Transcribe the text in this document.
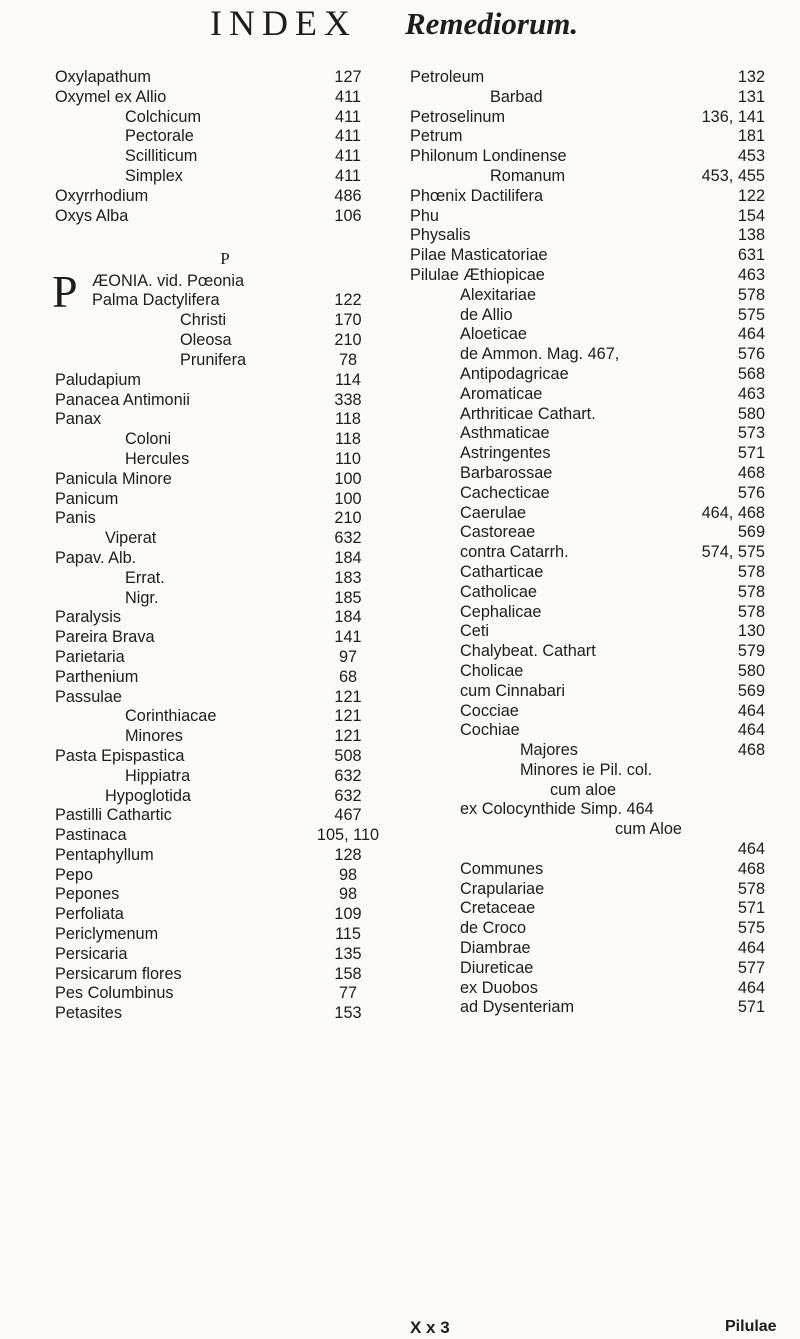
INDEX Remediorum.
Oxylapathum	127
Oxymel ex Allio	411
Colchicum	411
Pectorale	411
Scilliticum	411
Simplex	411
Oxyrrhodium	486
Oxys Alba	106
P
P ÆONIA. vid. Pœonia
Palma Dactylifera	122
Christi	170
Oleosa	210
Prunifera	78
Paludapium	114
Panacea Antimonii	338
Panax	118
Coloni	118
Hercules	110
Panicula Minore	100
Panicum	100
Panis	210
Viperat	632
Papav. Alb.	184
Errat.	183
Nigr.	185
Paralysis	184
Pareira Brava	141
Parietaria	97
Parthenium	68
Passulae	121
Corinthiacae	121
Minores	121
Pasta Epispastica	508
Hippiatra	632
Hypoglotida	632
Pastilli Cathartic	467
Pastinaca	105, 110
Pentaphyllum	128
Pepo	98
Pepones	98
Perfoliata	109
Periclymenum	115
Persicaria	135
Persicarum flores	158
Pes Columbinus	77
Petasites	153
Petroleum	132
Barbad	131
Petroselinum	136, 141
Petrum	181
Philonum Londinense	453
Romanum	453, 455
Phœnix Dactilifera	122
Phu	154
Physalis	138
Pilae Masticatoriae	631
Pilulae Æthiopicae	463
Alexitariae	578
de Allio	575
Aloeticae	464
de Ammon. Mag. 467,	576
Antipodagricae	568
Aromaticae	463
Arthriticae Cathart.	580
Asthmaticae	573
Astringentes	571
Barbarossae	468
Cacheсticae	576
Caerulae	464, 468
Castoreae	569
contra Catarrh.	574, 575
Catharticae	578
Catholicae	578
Cephalicae	578
Ceti	130
Chalybeat. Cathart	579
Cholicae	580
cum Cinnabari	569
Cocciae	464
Cochiae	464
Majores	468
Minores ie Pil. col.
cum aloe
ex Colocynthide Simp. 464
cum Aloe
464
Communes	468
Crapulariae	578
Cretaceae	571
de Croco	575
Diambrae	464
Diureticae	577
ex Duobos	464
ad Dysenteriam	571
X x 3	Pilulae
